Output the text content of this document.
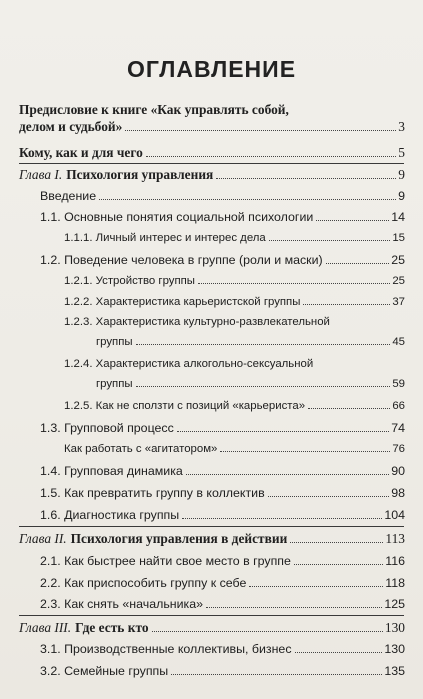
ОГЛАВЛЕНИЕ
Предисловие к книге «Как управлять собой,
делом и судьбой»	3
Кому, как и для чего	5
Глава I. Психология управления	9
Введение	9
1.1. Основные понятия социальной психологии	14
1.1.1. Личный интерес и интерес дела	15
1.2. Поведение человека в группе (роли и маски)	25
1.2.1. Устройство группы	25
1.2.2. Характеристика карьеристской группы	37
1.2.3. Характеристика культурно-развлекательной
группы	45
1.2.4. Характеристика алкогольно-сексуальной
группы	59
1.2.5. Как не сползти с позиций «карьериста»	66
1.3. Групповой процесс	74
Как работать с «агитатором»	76
1.4. Групповая динамика	90
1.5. Как превратить группу в коллектив	98
1.6. Диагностика группы	104
Глава II. Психология управления в действии	113
2.1. Как быстрее найти свое место в группе	116
2.2. Как приспособить группу к себе	118
2.3. Как снять «начальника»	125
Глава III. Где есть кто	130
3.1. Производственные коллективы, бизнес	130
3.2. Семейные группы	135
